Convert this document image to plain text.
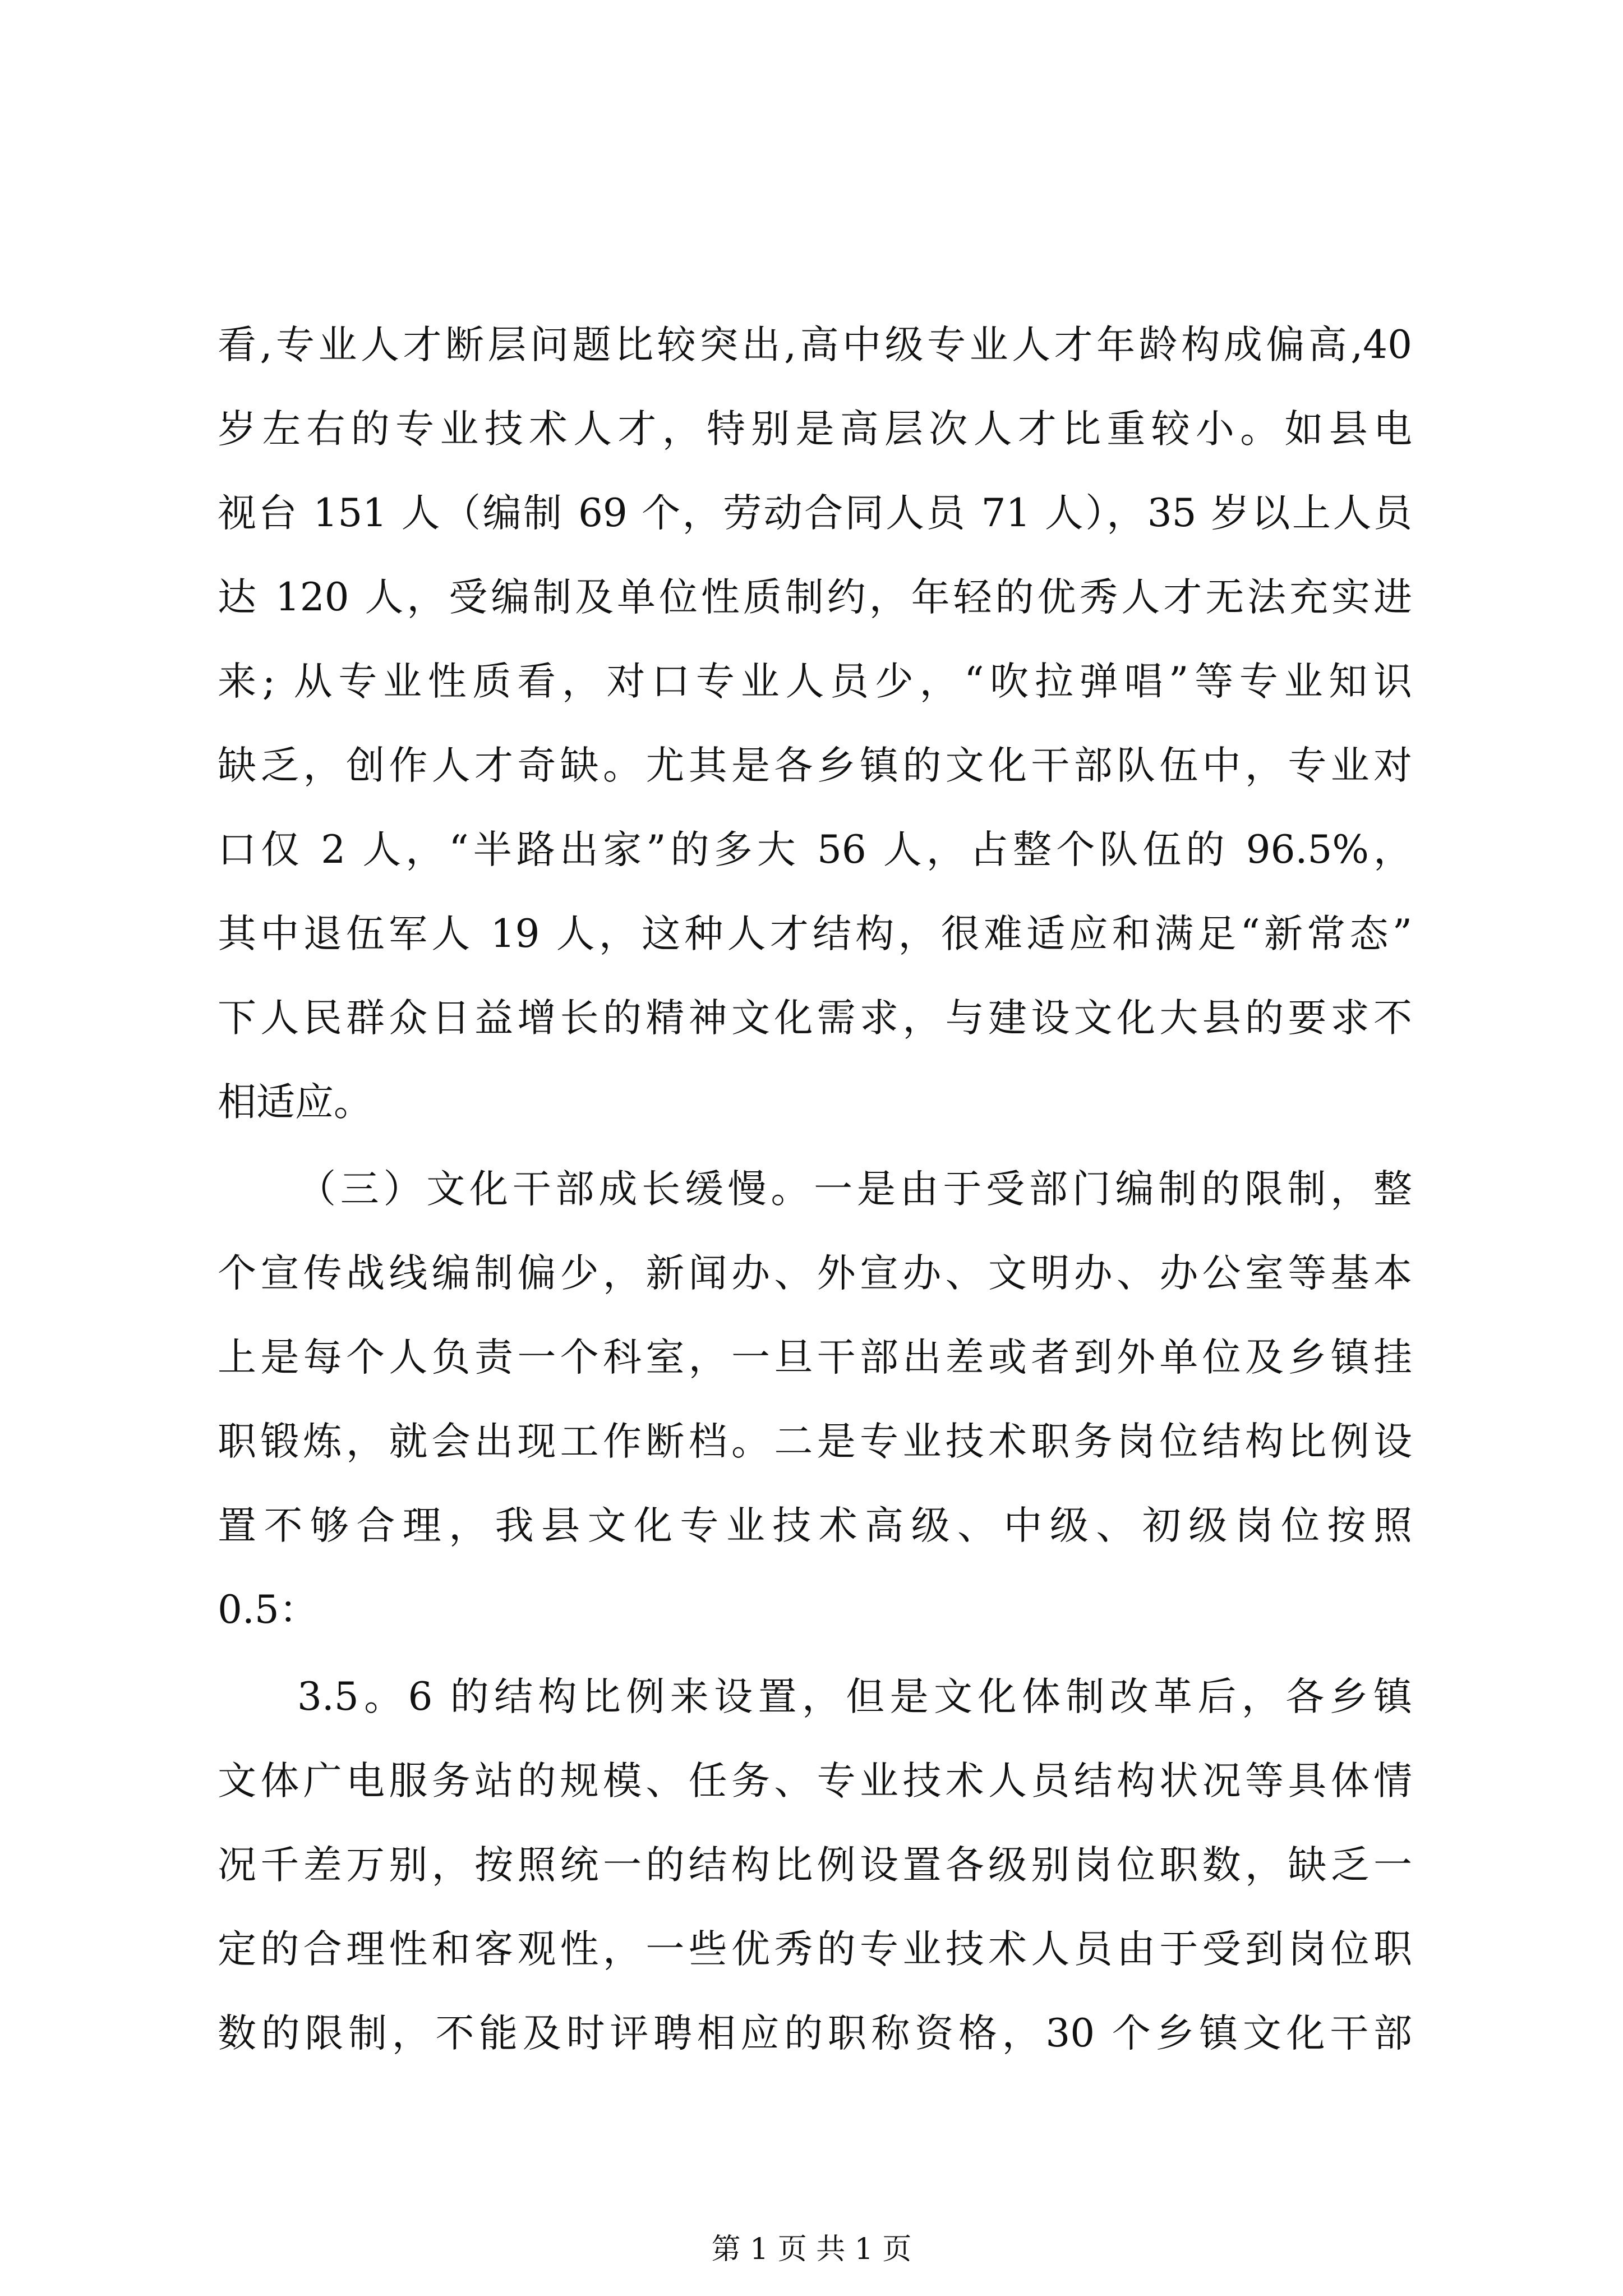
看,专业人才断层问题比较突出,高中级专业人才年龄构成偏高,40
岁左右的专业技术人才，特别是高层次人才比重较小。如县电
视台 151 人（编制 69 个，劳动合同人员 71 人），35 岁以上人员
达 120 人，受编制及单位性质制约，年轻的优秀人才无法充实进
来; 从专业性质看，对口专业人员少，“吹拉弹唱”等专业知识
缺乏，创作人才奇缺。尤其是各乡镇的文化干部队伍中，专业对
口仅 2 人，“半路出家”的多大 56 人，占整个队伍的 96.5%，
其中退伍军人 19 人，这种人才结构，很难适应和满足“新常态”
下人民群众日益增长的精神文化需求，与建设文化大县的要求不
相适应。
（三）文化干部成长缓慢。一是由于受部门编制的限制，整
个宣传战线编制偏少，新闻办、外宣办、文明办、办公室等基本
上是每个人负责一个科室，一旦干部出差或者到外单位及乡镇挂
职锻炼，就会出现工作断档。二是专业技术职务岗位结构比例设
置不够合理，我县文化专业技术高级、中级、初级岗位按照
0.5：
3.5。6 的结构比例来设置，但是文化体制改革后，各乡镇
文体广电服务站的规模、任务、专业技术人员结构状况等具体情
况千差万别，按照统一的结构比例设置各级别岗位职数，缺乏一
定的合理性和客观性，一些优秀的专业技术人员由于受到岗位职
数的限制，不能及时评聘相应的职称资格，30 个乡镇文化干部
第 1 页 共 1 页
